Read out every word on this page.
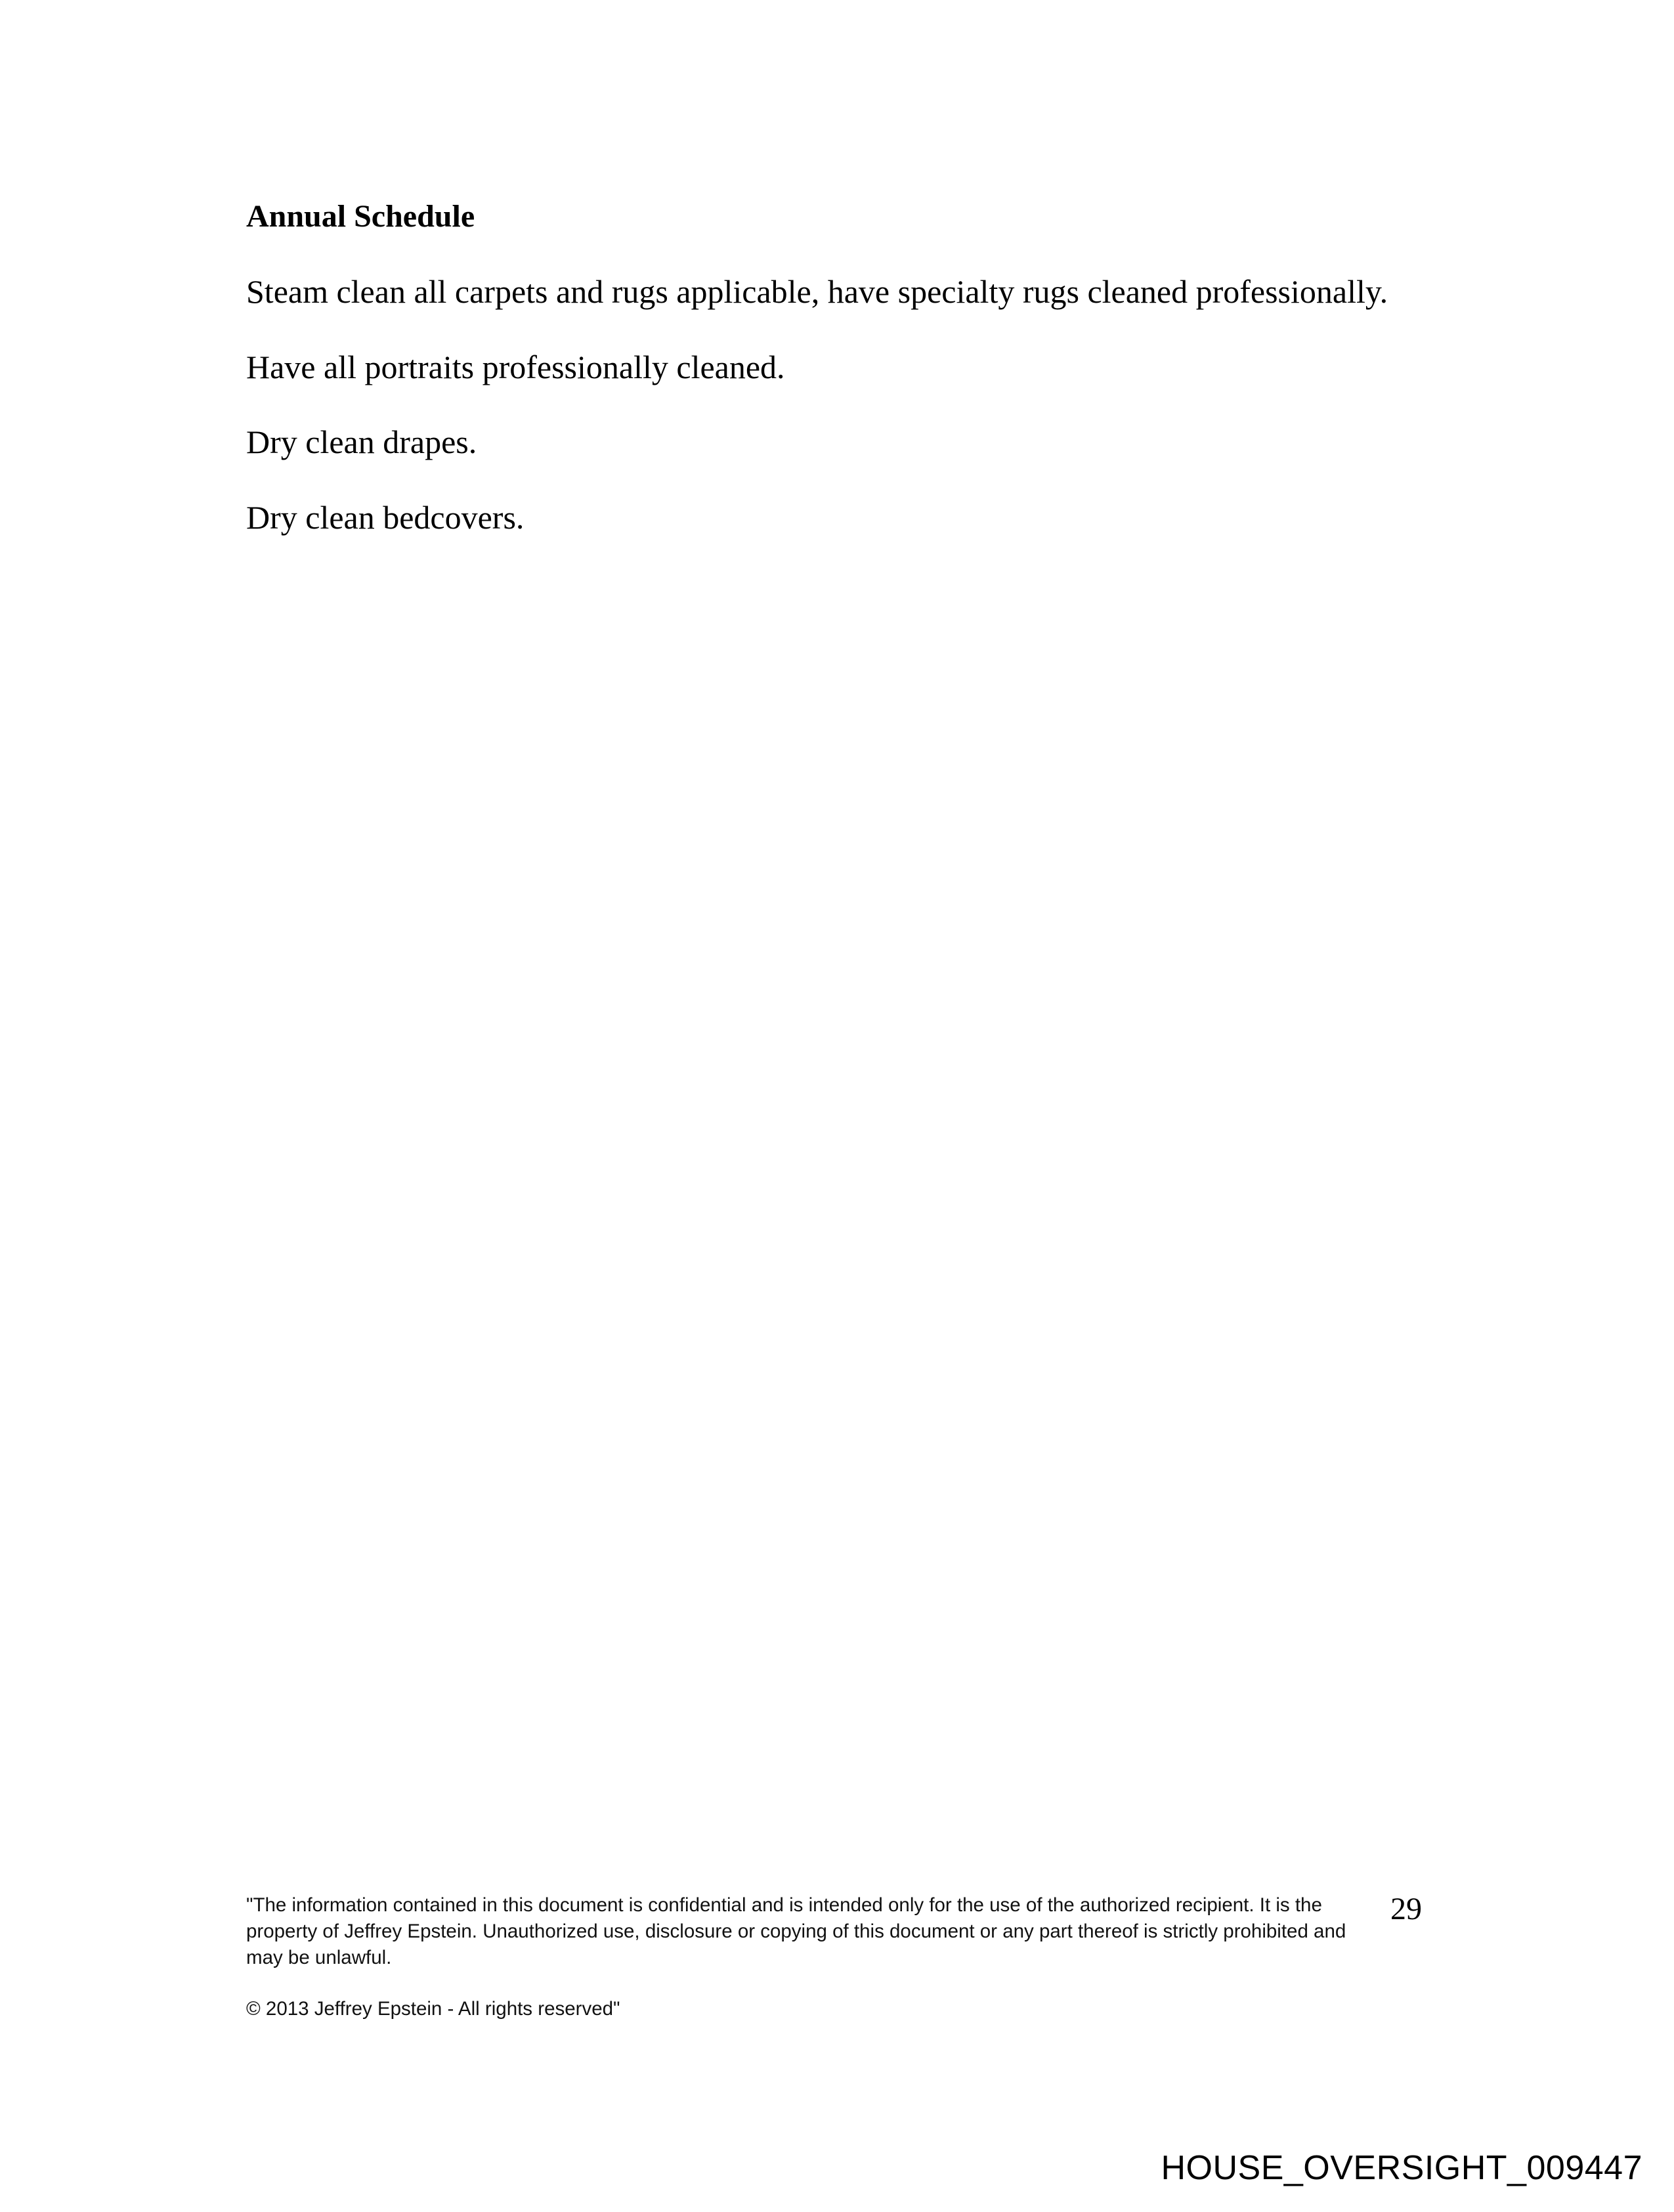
Annual Schedule
Steam clean all carpets and rugs applicable, have specialty rugs cleaned professionally.
Have all portraits professionally cleaned.
Dry clean drapes.
Dry clean bedcovers.
"The information contained in this document is confidential and is intended only for the use of the authorized recipient. It is the
property of Jeffrey Epstein. Unauthorized use, disclosure or copying of this document or any part thereof is strictly prohibited and
may be unlawful.
29
© 2013 Jeffrey Epstein - All rights reserved"
HOUSE_OVERSIGHT_009447
